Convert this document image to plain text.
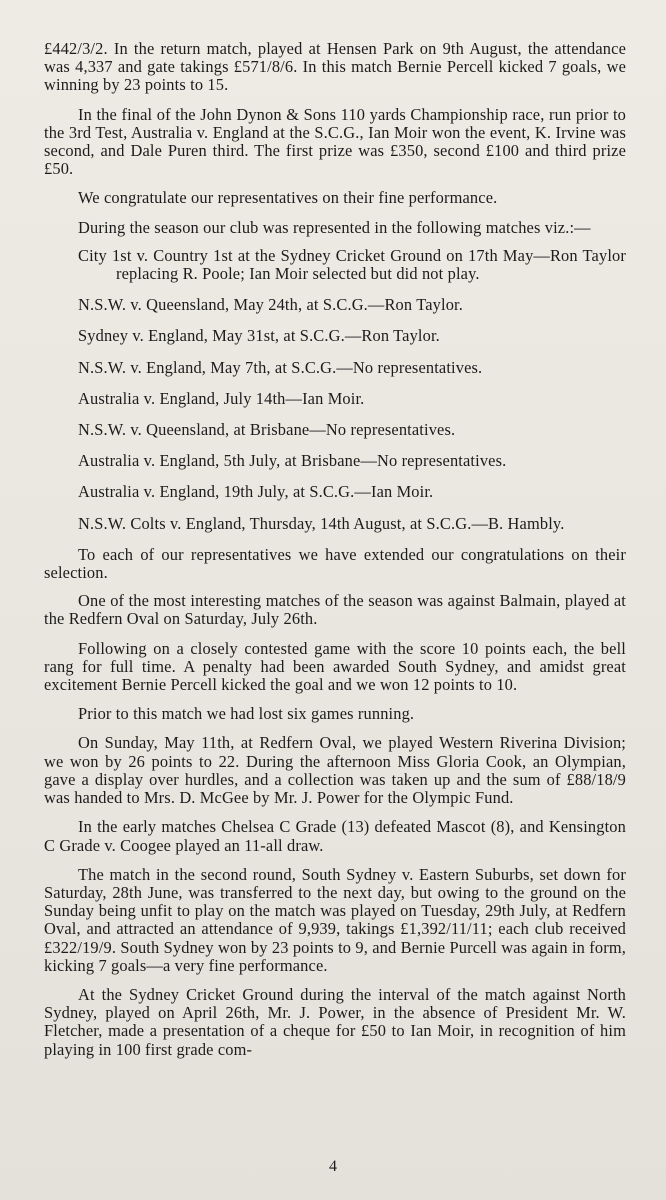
£442/3/2. In the return match, played at Hensen Park on 9th August, the attendance was 4,337 and gate takings £571/8/6. In this match Bernie Percell kicked 7 goals, we winning by 23 points to 15.

In the final of the John Dynon & Sons 110 yards Championship race, run prior to the 3rd Test, Australia v. England at the S.C.G., Ian Moir won the event, K. Irvine was second, and Dale Puren third. The first prize was £350, second £100 and third prize £50.

We congratulate our representatives on their fine performance.

During the season our club was represented in the following matches viz.:—

City 1st v. Country 1st at the Sydney Cricket Ground on 17th May—Ron Taylor replacing R. Poole; Ian Moir selected but did not play.

N.S.W. v. Queensland, May 24th, at S.C.G.—Ron Taylor.

Sydney v. England, May 31st, at S.C.G.—Ron Taylor.

N.S.W. v. England, May 7th, at S.C.G.—No representatives.

Australia v. England, July 14th—Ian Moir.

N.S.W. v. Queensland, at Brisbane—No representatives.

Australia v. England, 5th July, at Brisbane—No representatives.

Australia v. England, 19th July, at S.C.G.—Ian Moir.

N.S.W. Colts v. England, Thursday, 14th August, at S.C.G.—B. Hambly.

To each of our representatives we have extended our congratulations on their selection.

One of the most interesting matches of the season was against Balmain, played at the Redfern Oval on Saturday, July 26th.

Following on a closely contested game with the score 10 points each, the bell rang for full time. A penalty had been awarded South Sydney, and amidst great excitement Bernie Percell kicked the goal and we won 12 points to 10.

Prior to this match we had lost six games running.

On Sunday, May 11th, at Redfern Oval, we played Western Riverina Division; we won by 26 points to 22. During the afternoon Miss Gloria Cook, an Olympian, gave a display over hurdles, and a collection was taken up and the sum of £88/18/9 was handed to Mrs. D. McGee by Mr. J. Power for the Olympic Fund.

In the early matches Chelsea C Grade (13) defeated Mascot (8), and Kensington C Grade v. Coogee played an 11-all draw.

The match in the second round, South Sydney v. Eastern Suburbs, set down for Saturday, 28th June, was transferred to the next day, but owing to the ground on the Sunday being unfit to play on the match was played on Tuesday, 29th July, at Redfern Oval, and attracted an attendance of 9,939, takings £1,392/11/11; each club received £322/19/9. South Sydney won by 23 points to 9, and Bernie Purcell was again in form, kicking 7 goals—a very fine performance.

At the Sydney Cricket Ground during the interval of the match against North Sydney, played on April 26th, Mr. J. Power, in the absence of President Mr. W. Fletcher, made a presentation of a cheque for £50 to Ian Moir, in recognition of him playing in 100 first grade com-

4
